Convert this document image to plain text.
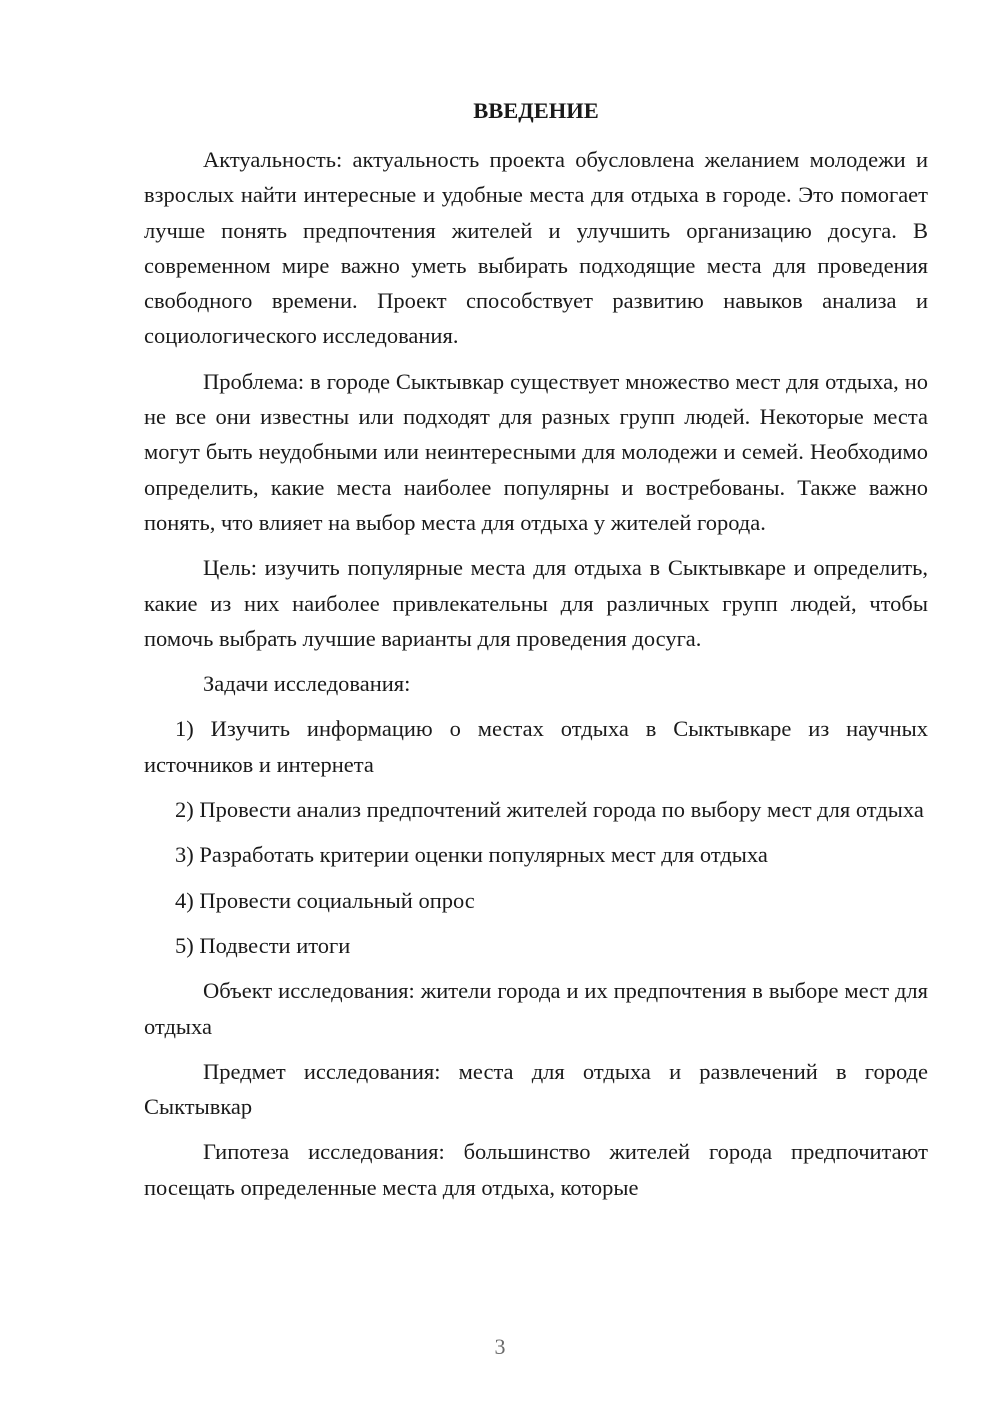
ВВЕДЕНИЕ

Актуальность: актуальность проекта обусловлена желанием молодежи и взрослых найти интересные и удобные места для отдыха в городе. Это помогает лучше понять предпочтения жителей и улучшить организацию досуга. В современном мире важно уметь выбирать подходящие места для проведения свободного времени. Проект способствует развитию навыков анализа и социологического исследования.

Проблема: в городе Сыктывкар существует множество мест для отдыха, но не все они известны или подходят для разных групп людей. Некоторые места могут быть неудобными или неинтересными для молодежи и семей. Необходимо определить, какие места наиболее популярны и востребованы. Также важно понять, что влияет на выбор места для отдыха у жителей города.

Цель: изучить популярные места для отдыха в Сыктывкаре и определить, какие из них наиболее привлекательны для различных групп людей, чтобы помочь выбрать лучшие варианты для проведения досуга.

Задачи исследования:

1) Изучить информацию о местах отдыха в Сыктывкаре из научных источников и интернета

2) Провести анализ предпочтений жителей города по выбору мест для отдыха

3) Разработать критерии оценки популярных мест для отдыха

4) Провести социальный опрос

5) Подвести итоги

Объект исследования: жители города и их предпочтения в выборе мест для отдыха

Предмет исследования: места для отдыха и развлечений в городе Сыктывкар

Гипотеза исследования: большинство жителей города предпочитают посещать определенные места для отдыха, которые

3
